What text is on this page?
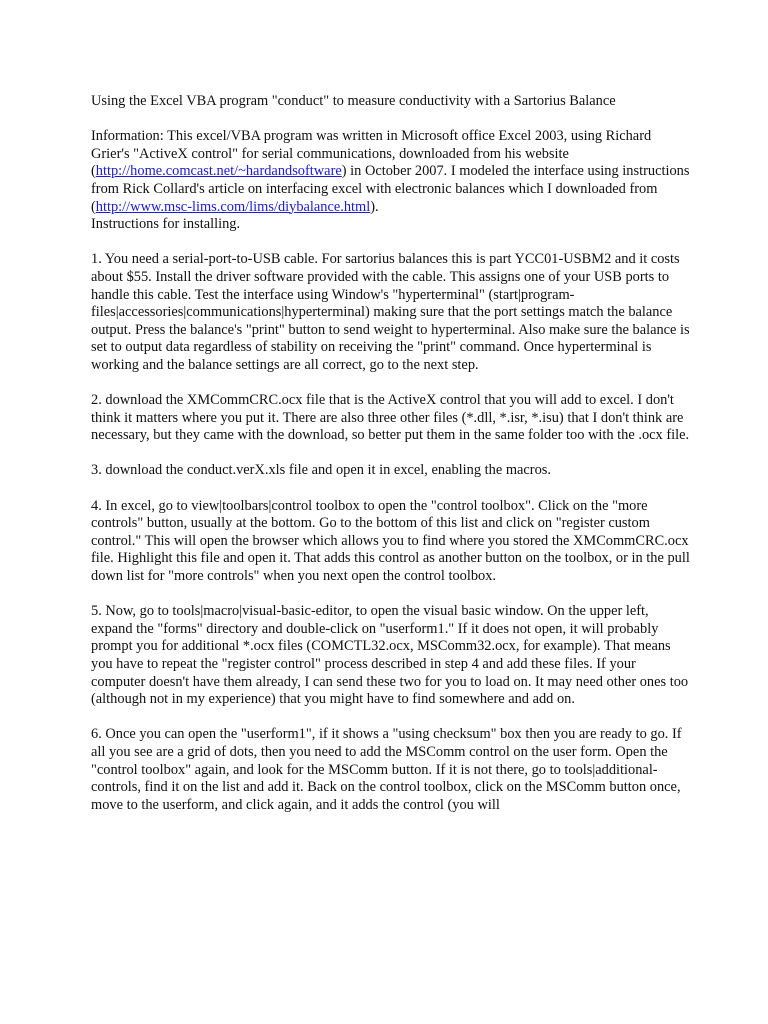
Using the Excel VBA program "conduct" to measure conductivity with a Sartorius Balance

Information: This excel/VBA program was written in Microsoft office Excel 2003, using Richard Grier's "ActiveX control" for serial communications, downloaded from his website (http://home.comcast.net/~hardandsoftware) in October 2007. I modeled the interface using instructions from Rick Collard's article on interfacing excel with electronic balances which I downloaded from (http://www.msc-lims.com/lims/diybalance.html).

Instructions for installing.

1. You need a serial-port-to-USB cable. For sartorius balances this is part YCC01-USBM2 and it costs about $55. Install the driver software provided with the cable. This assigns one of your USB ports to handle this cable. Test the interface using Window's "hyperterminal" (start|program-files|accessories|communications|hyperterminal) making sure that the port settings match the balance output. Press the balance's "print" button to send weight to hyperterminal. Also make sure the balance is set to output data regardless of stability on receiving the "print" command. Once hyperterminal is working and the balance settings are all correct, go to the next step.

2. download the XMCommCRC.ocx file that is the ActiveX control that you will add to excel. I don't think it matters where you put it. There are also three other files (*.dll, *.isr, *.isu) that I don't think are necessary, but they came with the download, so better put them in the same folder too with the .ocx file.

3. download the conduct.verX.xls file and open it in excel, enabling the macros.

4. In excel, go to view|toolbars|control toolbox to open the "control toolbox". Click on the "more controls" button, usually at the bottom. Go to the bottom of this list and click on "register custom control." This will open the browser which allows you to find where you stored the XMCommCRC.ocx file. Highlight this file and open it. That adds this control as another button on the toolbox, or in the pull down list for "more controls" when you next open the control toolbox.

5. Now, go to tools|macro|visual-basic-editor, to open the visual basic window. On the upper left, expand the "forms" directory and double-click on "userform1." If it does not open, it will probably prompt you for additional *.ocx files (COMCTL32.ocx, MSComm32.ocx, for example). That means you have to repeat the "register control" process described in step 4 and add these files. If your computer doesn't have them already, I can send these two for you to load on. It may need other ones too (although not in my experience) that you might have to find somewhere and add on.

6. Once you can open the "userform1", if it shows a "using checksum" box then you are ready to go. If all you see are a grid of dots, then you need to add the MSComm control on the user form. Open the "control toolbox" again, and look for the MSComm button. If it is not there, go to tools|additional-controls, find it on the list and add it. Back on the control toolbox, click on the MSComm button once, move to the userform, and click again, and it adds the control (you will
